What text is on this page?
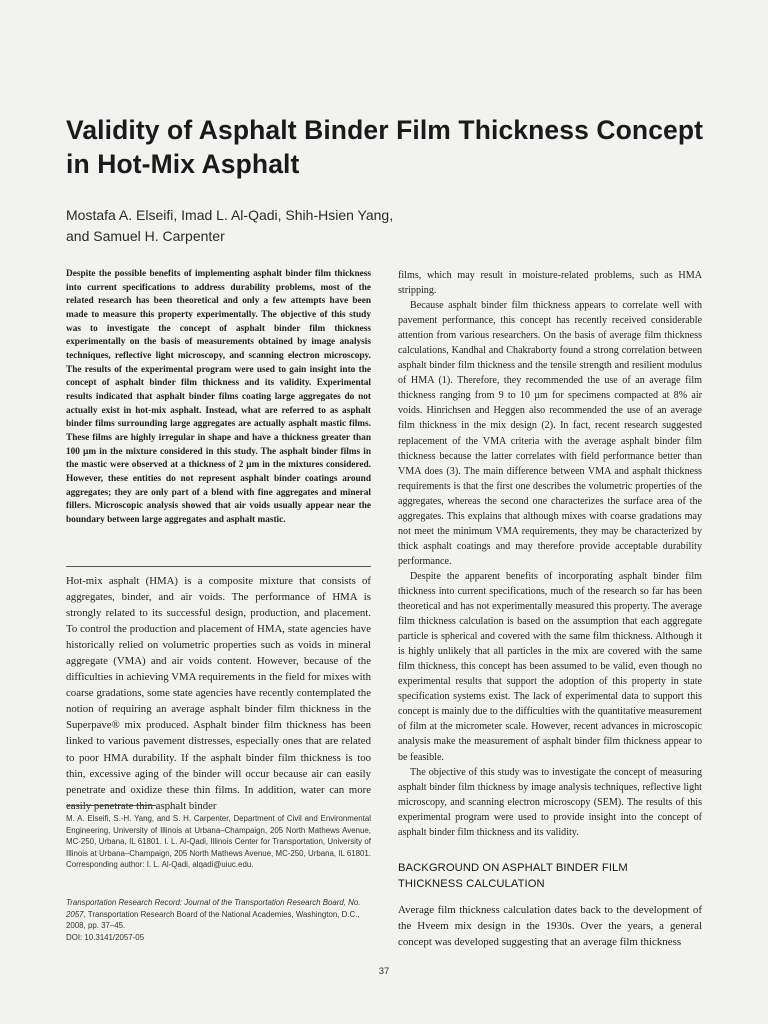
Validity of Asphalt Binder Film Thickness Concept in Hot-Mix Asphalt
Mostafa A. Elseifi, Imad L. Al-Qadi, Shih-Hsien Yang,
and Samuel H. Carpenter
Despite the possible benefits of implementing asphalt binder film thickness into current specifications to address durability problems, most of the related research has been theoretical and only a few attempts have been made to measure this property experimentally. The objective of this study was to investigate the concept of asphalt binder film thickness experimentally on the basis of measurements obtained by image analysis techniques, reflective light microscopy, and scanning electron microscopy. The results of the experimental program were used to gain insight into the concept of asphalt binder film thickness and its validity. Experimental results indicated that asphalt binder films coating large aggregates do not actually exist in hot-mix asphalt. Instead, what are referred to as asphalt binder films surrounding large aggregates are actually asphalt mastic films. These films are highly irregular in shape and have a thickness greater than 100 µm in the mixture considered in this study. The asphalt binder films in the mastic were observed at a thickness of 2 µm in the mixtures considered. However, these entities do not represent asphalt binder coatings around aggregates; they are only part of a blend with fine aggregates and mineral fillers. Microscopic analysis showed that air voids usually appear near the boundary between large aggregates and asphalt mastic.

Hot-mix asphalt (HMA) is a composite mixture that consists of aggregates, binder, and air voids. The performance of HMA is strongly related to its successful design, production, and placement. To control the production and placement of HMA, state agencies have historically relied on volumetric properties such as voids in mineral aggregate (VMA) and air voids content. However, because of the difficulties in achieving VMA requirements in the field for mixes with coarse gradations, some state agencies have recently contemplated the notion of requiring an average asphalt binder film thickness in the Superpave® mix produced. Asphalt binder film thickness has been linked to various pavement distresses, especially ones that are related to poor HMA durability. If the asphalt binder film thickness is too thin, excessive aging of the binder will occur because air can easily penetrate and oxidize these thin films. In addition, water can more easily penetrate thin asphalt binder

M. A. Elseifi, S.-H. Yang, and S. H. Carpenter, Department of Civil and Environmental Engineering, University of Illinois at Urbana–Champaign, 205 North Mathews Avenue, MC-250, Urbana, IL 61801. I. L. Al-Qadi, Illinois Center for Transportation, University of Illinois at Urbana–Champaign, 205 North Mathews Avenue, MC-250, Urbana, IL 61801. Corresponding author: I. L. Al-Qadi, alqadi@uiuc.edu.
Transportation Research Record: Journal of the Transportation Research Board, No. 2057, Transportation Research Board of the National Academies, Washington, D.C., 2008, pp. 37–45.
DOI: 10.3141/2057-05

films, which may result in moisture-related problems, such as HMA stripping.

Because asphalt binder film thickness appears to correlate well with pavement performance, this concept has recently received considerable attention from various researchers. On the basis of average film thickness calculations, Kandhal and Chakraborty found a strong correlation between asphalt binder film thickness and the tensile strength and resilient modulus of HMA (1). Therefore, they recommended the use of an average film thickness ranging from 9 to 10 µm for specimens compacted at 8% air voids. Hinrichsen and Heggen also recommended the use of an average film thickness in the mix design (2). In fact, recent research suggested replacement of the VMA criteria with the average asphalt binder film thickness because the latter correlates with field performance better than VMA does (3). The main difference between VMA and asphalt thickness requirements is that the first one describes the volumetric properties of the aggregates, whereas the second one characterizes the surface area of the aggregates. This explains that although mixes with coarse gradations may not meet the minimum VMA requirements, they may be characterized by thick asphalt coatings and may therefore provide acceptable durability performance.

Despite the apparent benefits of incorporating asphalt binder film thickness into current specifications, much of the research so far has been theoretical and has not experimentally measured this property. The average film thickness calculation is based on the assumption that each aggregate particle is spherical and covered with the same film thickness. Although it is highly unlikely that all particles in the mix are covered with the same film thickness, this concept has been assumed to be valid, even though no experimental results that support the adoption of this property in state specification systems exist. The lack of experimental data to support this concept is mainly due to the difficulties with the quantitative measurement of film at the micrometer scale. However, recent advances in microscopic analysis make the measurement of asphalt binder film thickness appear to be feasible.

The objective of this study was to investigate the concept of measuring asphalt binder film thickness by image analysis techniques, reflective light microscopy, and scanning electron microscopy (SEM). The results of this experimental program were used to provide insight into the concept of asphalt binder film thickness and its validity.

BACKGROUND ON ASPHALT BINDER FILM
THICKNESS CALCULATION

Average film thickness calculation dates back to the development of the Hveem mix design in the 1930s. Over the years, a general concept was developed suggesting that an average film thickness

37
